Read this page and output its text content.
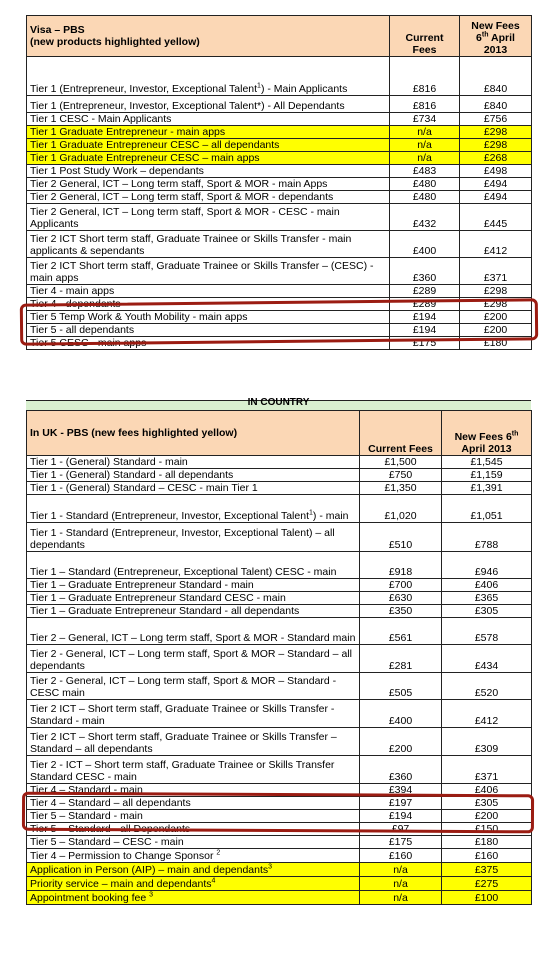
Visa – PBS
(new products highlighted yellow)	Current Fees	New Fees
6th April 2013
Tier 1 (Entrepreneur, Investor, Exceptional Talent$^1$) - Main Applicants	£816	£840
Tier 1 (Entrepreneur, Investor, Exceptional Talent*) - All Dependants	£816	£840
Tier 1 CESC - Main Applicants	£734	£756
Tier 1 Graduate Entrepreneur - main apps	n/a	£298
Tier 1 Graduate Entrepreneur CESC – all dependants	n/a	£298
Tier 1 Graduate Entrepreneur CESC – main apps	n/a	£268
Tier 1 Post Study Work – dependants	£483	£498
Tier 2 General, ICT – Long term staff, Sport & MOR - main Apps	£480	£494
Tier 2 General, ICT – Long term staff, Sport & MOR - dependants	£480	£494
Tier 2 General, ICT – Long term staff, Sport & MOR - CESC - main Applicants	£432	£445
Tier 2 ICT Short term staff, Graduate Trainee or Skills Transfer - main applicants & sependants	£400	£412
Tier 2 ICT Short term staff, Graduate Trainee or Skills Transfer – (CESC) - main apps	£360	£371
Tier 4 - main apps	£289	£298
Tier 4 - dependants	£289	£298
Tier 5 Temp Work & Youth Mobility - main apps	£194	£200
Tier 5 - all dependants	£194	£200
Tier 5 CESC - main apps	£175	£180
IN COUNTRY
In UK - PBS (new fees highlighted yellow)	Current Fees	New Fees 6th April 2013
Tier 1 - (General) Standard - main	£1,500	£1,545
Tier 1 - (General) Standard - all dependants	£750	£1,159
Tier 1 - (General) Standard – CESC - main Tier 1	£1,350	£1,391
Tier 1 - Standard (Entrepreneur, Investor, Exceptional Talent$^1$) - main	£1,020	£1,051
Tier 1 - Standard (Entrepreneur, Investor, Exceptional Talent) – all dependants	£510	£788
Tier 1 – Standard (Entrepreneur, Exceptional Talent) CESC - main	£918	£946
Tier 1 – Graduate Entrepreneur Standard - main	£700	£406
Tier 1 – Graduate Entrepreneur Standard CESC - main	£630	£365
Tier 1 – Graduate Entrepreneur Standard - all dependants	£350	£305
Tier 2 – General, ICT – Long term staff, Sport & MOR - Standard main	£561	£578
Tier 2 - General, ICT – Long term staff, Sport & MOR – Standard – all dependants	£281	£434
Tier 2 - General, ICT – Long term staff, Sport & MOR – Standard - CESC main	£505	£520
Tier 2 ICT – Short term staff, Graduate Trainee or Skills Transfer - Standard - main	£400	£412
Tier 2 ICT – Short term staff, Graduate Trainee or Skills Transfer – Standard – all dependants	£200	£309
Tier 2 - ICT – Short term staff, Graduate Trainee or Skills Transfer Standard CESC - main	£360	£371
Tier 4 – Standard - main	£394	£406
Tier 4 – Standard – all dependants	£197	£305
Tier 5 – Standard - main	£194	£200
Tier 5 – Standard - all Dependants	£97	£150
Tier 5 – Standard – CESC - main	£175	£180
Tier 4 – Permission to Change Sponsor $^2$	£160	£160
Application in Person (AIP) – main and dependants$^3$	n/a	£375
Priority service – main and dependants$^4$	n/a	£275
Appointment booking fee $^3$	n/a	£100
